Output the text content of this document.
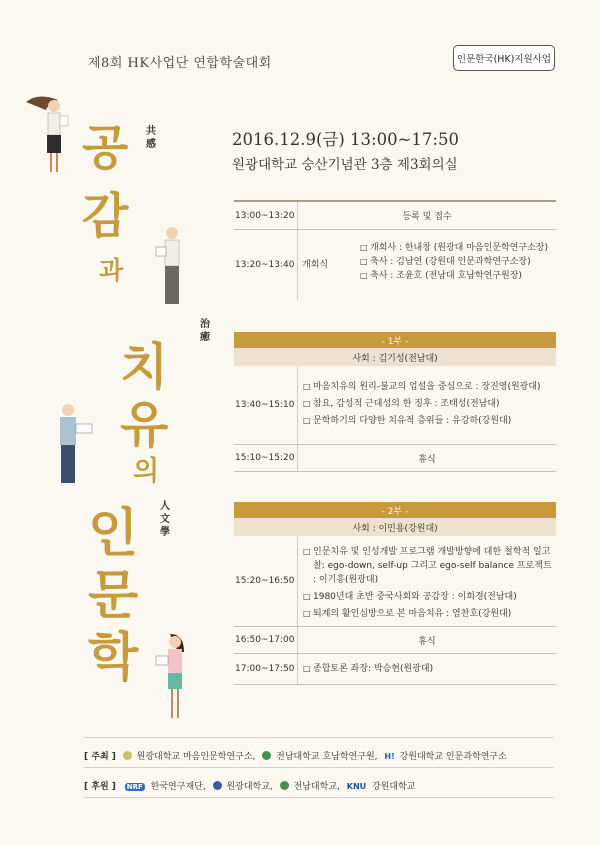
제8회 HK사업단 연합학술대회	인문한국(HK)지원사업
2016.12.9(금) 13:00~17:50
원광대학교 숭산기념관 3층 제3회의실
공
감
과
치
유
의
인
문
학
共
感
治
癒
人
文
學
13:00~13:20	등록 및 접수
13:20~13:40 개회식
□ 개회사 : 한내창 (원광대 마음인문학연구소장)
□ 축사 : 김남연 (강원대 인문과학연구소장)
□ 축사 : 조윤호 (전남대 호남학연구원장)
- 1부 -
사회 : 김기성(전남대)
13:40~15:10
□ 마음치유의 원리-불교의 업설을 중심으로 : 장진영(원광대)
□ 참요, 감성적 근대성의 한 징후 : 조태성(전남대)
□ 문학하기의 다양한 치유적 층위들 : 유강하(강원대)
15:10~15:20	휴식
- 2부 -
사회 : 이민용(강원대)
15:20~16:50
□ 인문치유 및 인성개발 프로그램 개발방향에 대한 철학적 일고찰: ego-down, self-up 그리고 ego-self balance 프로젝트 : 이기흥(원광대)
□ 1980년대 초반 중국사회와 공감장 : 이희경(전남대)
□ 퇴계의 활인심방으로 본 마음치유 : 염찬호(강원대)
16:50~17:00	휴식
17:00~17:50
□	종합토론 좌장: 박승현(원광대)
[ 주최 ] 원광대학교 마음인문학연구소, 전남대학교 호남학연구원, H! 강원대학교 인문과학연구소
[ 후원 ] NRF 한국연구재단, 원광대학교, 전남대학교, KNU 강원대학교
